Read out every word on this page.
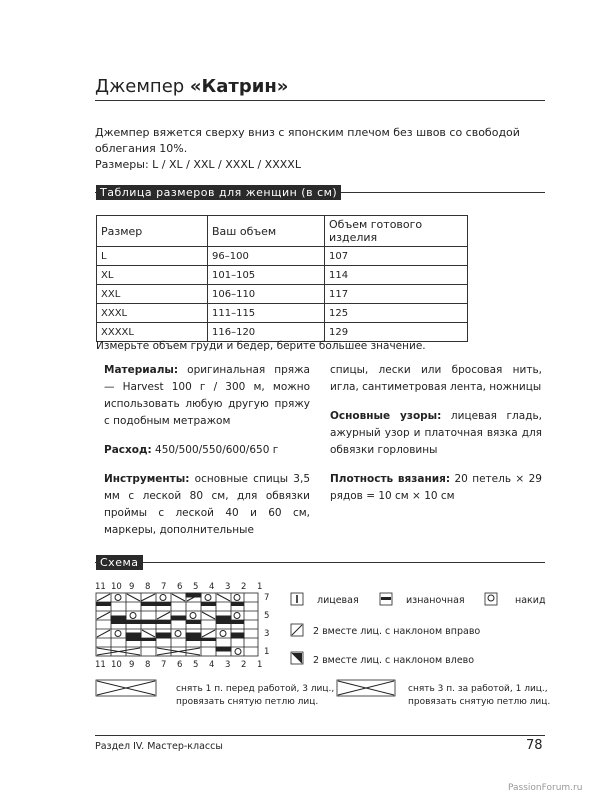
Джемпер «Катрин»
Джемпер вяжется сверху вниз с японским плечом без швов со свободой облегания 10%.
Размеры: L / XL / XXL / XXXL / XXXXL
Таблица размеров для женщин (в см)
Размер	Ваш объем	Объем готового изделия
L	96–100	107
XL	101–105	114
XXL	106–110	117
XXXL	111–115	125
XXXXL	116–120	129
Измерьте объем груди и бедер, берите большее значение.

Материалы: оригинальная пряжа — Harvest 100 г / 300 м, можно использовать любую другую пряжу с подобным метражом

Расход: 450/500/550/600/650 г

Инструменты: основные спицы 3,5 мм с леской 80 см, для обвязки проймы с леской 40 и 60 см, маркеры, дополнительные

спицы, лески или бросовая нить, игла, сантиметровая лента, ножницы

Основные узоры: лицевая гладь, ажурный узор и платочная вязка для обвязки горловины

Плотность вязания: 20 петель × 29 рядов = 10 см × 10 см

Схема
11 10 9 8 7 6 5 4 3 2 1
7
5
3
1
11 10 9 8 7 6 5 4 3 2 1
лицевая	изнаночная	накид
2 вместе лиц. с наклоном вправо
2 вместе лиц. с наклоном влево
снять 1 п. перед работой, 3 лиц.,
провязать снятую петлю лиц.
снять 3 п. за работой, 1 лиц.,
провязать снятую петлю лиц.
Раздел IV. Мастер-классы	78
PassionForum.ru
